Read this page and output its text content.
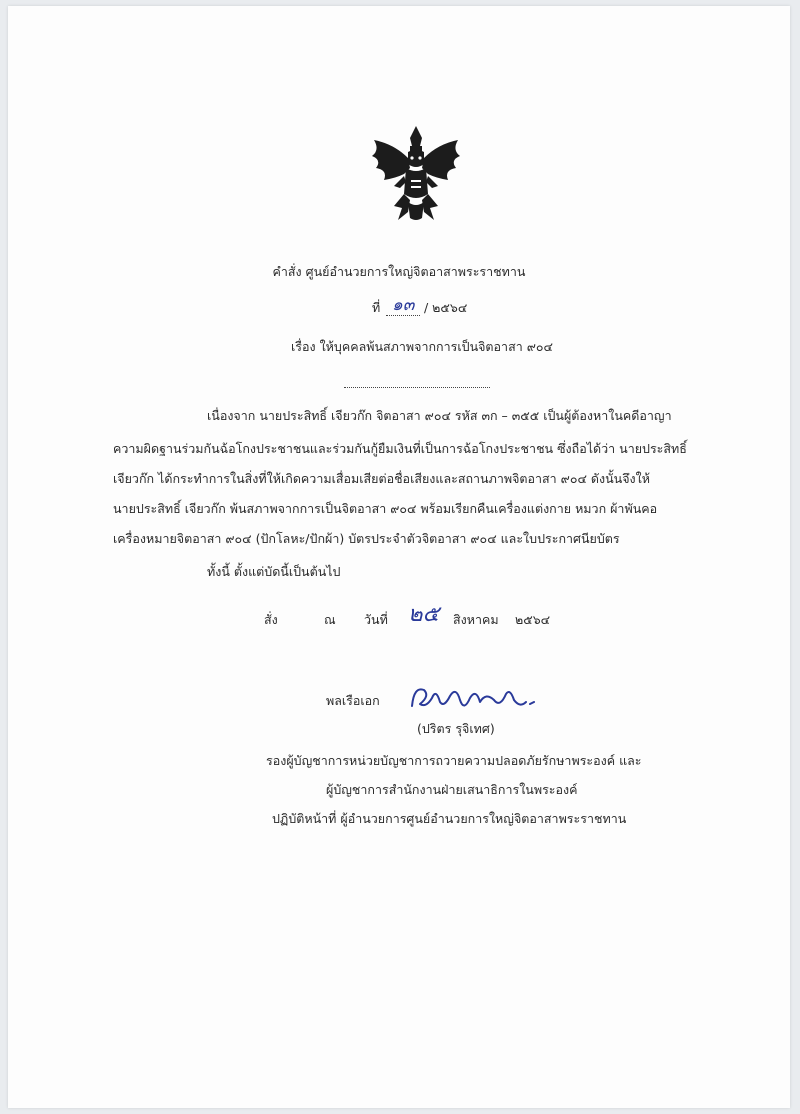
คำสั่ง ศูนย์อำนวยการใหญ่จิตอาสาพระราชทาน
ที่ ๑๓ / ๒๕๖๔
เรื่อง ให้บุคคลพ้นสภาพจากการเป็นจิตอาสา ๙๐๔
เนื่องจาก นายประสิทธิ์ เจียวก๊ก จิตอาสา ๙๐๔ รหัส ๓ก – ๓๕๕ เป็นผู้ต้องหาในคดีอาญา
ความผิดฐานร่วมกันฉ้อโกงประชาชนและร่วมกันกู้ยืมเงินที่เป็นการฉ้อโกงประชาชน ซึ่งถือได้ว่า นายประสิทธิ์
เจียวก๊ก ได้กระทำการในสิ่งที่ให้เกิดความเสื่อมเสียต่อชื่อเสียงและสถานภาพจิตอาสา ๙๐๔ ดังนั้นจึงให้
นายประสิทธิ์ เจียวก๊ก พ้นสภาพจากการเป็นจิตอาสา ๙๐๔ พร้อมเรียกคืนเครื่องแต่งกาย หมวก ผ้าพันคอ
เครื่องหมายจิตอาสา ๙๐๔ (ปักโลหะ/ปักผ้า) บัตรประจำตัวจิตอาสา ๙๐๔ และใบประกาศนียบัตร
ทั้งนี้ ตั้งแต่บัดนี้เป็นต้นไป
สั่ง	ณ วันที่ ๒๕ สิงหาคม ๒๕๖๔
พลเรือเอก
(ปริตร รุจิเทศ)
รองผู้บัญชาการหน่วยบัญชาการถวายความปลอดภัยรักษาพระองค์ และ
ผู้บัญชาการสำนักงานฝ่ายเสนาธิการในพระองค์
ปฏิบัติหน้าที่ ผู้อำนวยการศูนย์อำนวยการใหญ่จิตอาสาพระราชทาน
